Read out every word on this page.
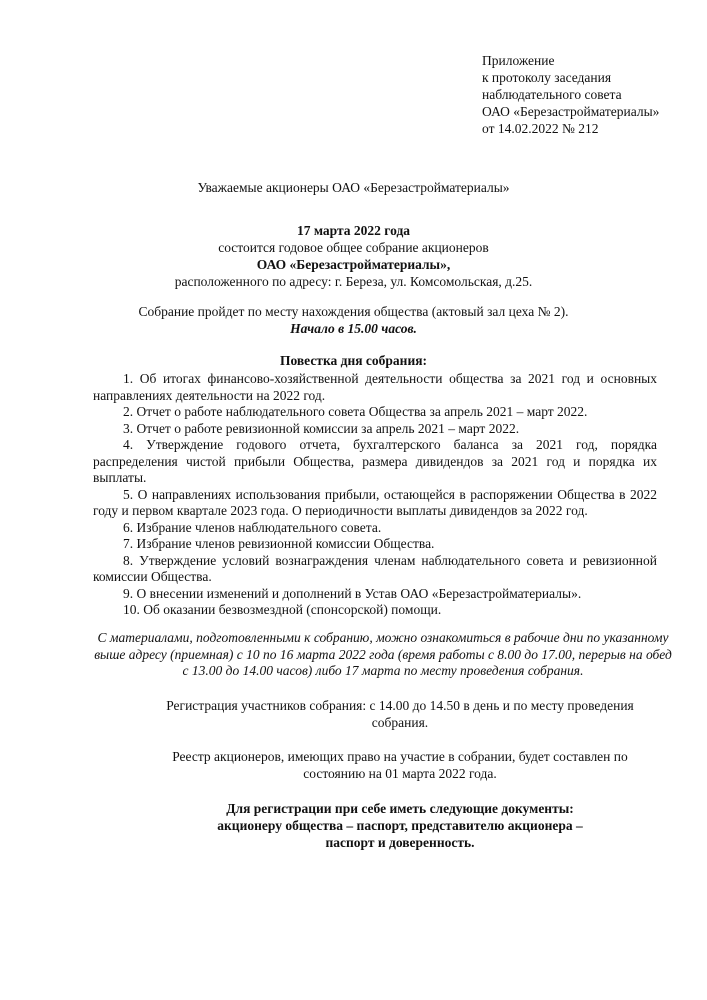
Приложение
к протоколу заседания
наблюдательного совета
ОАО «Березастройматериалы»
от 14.02.2022 № 212
Уважаемые акционеры ОАО «Березастройматериалы»
17 марта 2022 года
состоится годовое общее собрание акционеров
ОАО «Березастройматериалы»,
расположенного по адресу: г. Береза, ул. Комсомольская, д.25.
Собрание пройдет по месту нахождения общества (актовый зал цеха № 2).
Начало в 15.00 часов.
Повестка дня собрания:

1. Об итогах финансово-хозяйственной деятельности общества за 2021 год и основных направлениях деятельности на 2022 год.

2. Отчет о работе наблюдательного совета Общества за апрель 2021 – март 2022.

3. Отчет о работе ревизионной комиссии за апрель 2021 – март 2022.

4. Утверждение годового отчета, бухгалтерского баланса за 2021 год, порядка распределения чистой прибыли Общества, размера дивидендов за 2021 год и порядка их выплаты.

5. О направлениях использования прибыли, остающейся в распоряжении Общества в 2022 году и первом квартале 2023 года. О периодичности выплаты дивидендов за 2022 год.

6. Избрание членов наблюдательного совета.

7. Избрание членов ревизионной комиссии Общества.

8. Утверждение условий вознаграждения членам наблюдательного совета и ревизионной комиссии Общества.

9. О внесении изменений и дополнений в Устав ОАО «Березастройматериалы».

10. Об оказании безвозмездной (спонсорской) помощи.

С материалами, подготовленными к собранию, можно ознакомиться в рабочие дни по указанному выше адресу (приемная) с 10 по 16 марта 2022 года (время работы с 8.00 до 17.00, перерыв на обед с 13.00 до 14.00 часов) либо 17 марта по месту проведения собрания.
Регистрация участников собрания: с 14.00 до 14.50 в день и по месту проведения собрания.
Реестр акционеров, имеющих право на участие в собрании, будет составлен по состоянию на 01 марта 2022 года.
Для регистрации при себе иметь следующие документы:
акционеру общества – паспорт, представителю акционера –
паспорт и доверенность.
